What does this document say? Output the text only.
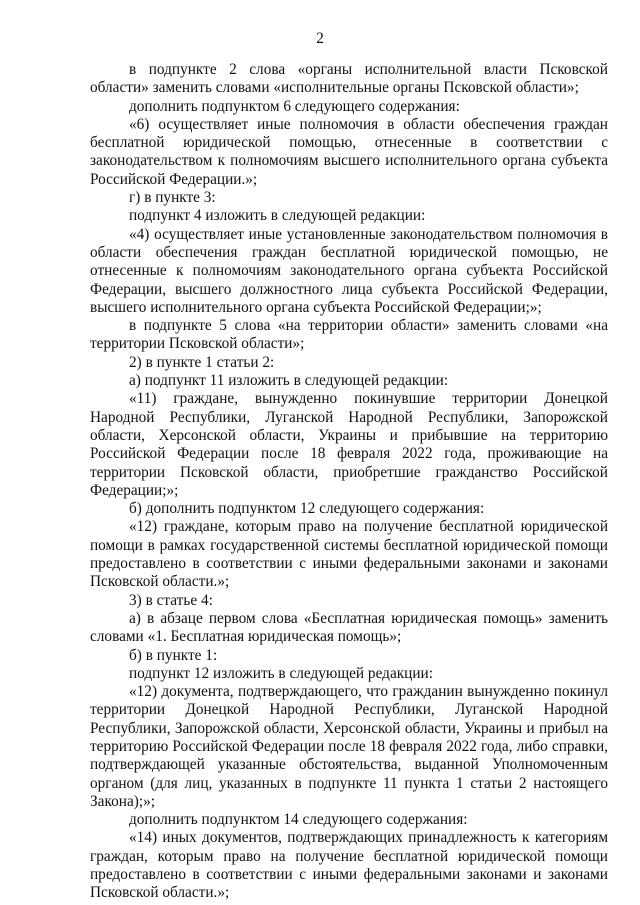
2

в подпункте 2 слова «органы исполнительной власти Псковской области» заменить словами «исполнительные органы Псковской области»;

дополнить подпунктом 6 следующего содержания:

«6) осуществляет иные полномочия в области обеспечения граждан бесплатной юридической помощью, отнесенные в соответствии с законодательством к полномочиям высшего исполнительного органа субъекта Российской Федерации.»;

г) в пункте 3:

подпункт 4 изложить в следующей редакции:

«4) осуществляет иные установленные законодательством полномочия в области обеспечения граждан бесплатной юридической помощью, не отнесенные к полномочиям законодательного органа субъекта Российской Федерации, высшего должностного лица субъекта Российской Федерации, высшего исполнительного органа субъекта Российской Федерации;»;

в подпункте 5 слова «на территории области» заменить словами «на территории Псковской области»;

2) в пункте 1 статьи 2:

а) подпункт 11 изложить в следующей редакции:

«11) граждане, вынужденно покинувшие территории Донецкой Народной Республики, Луганской Народной Республики, Запорожской области, Херсонской области, Украины и прибывшие на территорию Российской Федерации после 18 февраля 2022 года, проживающие на территории Псковской области, приобретшие гражданство Российской Федерации;»;

б) дополнить подпунктом 12 следующего содержания:

«12) граждане, которым право на получение бесплатной юридической помощи в рамках государственной системы бесплатной юридической помощи предоставлено в соответствии с иными федеральными законами и законами Псковской области.»;

3) в статье 4:

а) в абзаце первом слова «Бесплатная юридическая помощь» заменить словами «1. Бесплатная юридическая помощь»;

б) в пункте 1:

подпункт 12 изложить в следующей редакции:

«12) документа, подтверждающего, что гражданин вынужденно покинул территории Донецкой Народной Республики, Луганской Народной Республики, Запорожской области, Херсонской области, Украины и прибыл на территорию Российской Федерации после 18 февраля 2022 года, либо справки, подтверждающей указанные обстоятельства, выданной Уполномоченным органом (для лиц, указанных в подпункте 11 пункта 1 статьи 2 настоящего Закона);»;

дополнить подпунктом 14 следующего содержания:

«14) иных документов, подтверждающих принадлежность к категориям граждан, которым право на получение бесплатной юридической помощи предоставлено в соответствии с иными федеральными законами и законами Псковской области.»;
